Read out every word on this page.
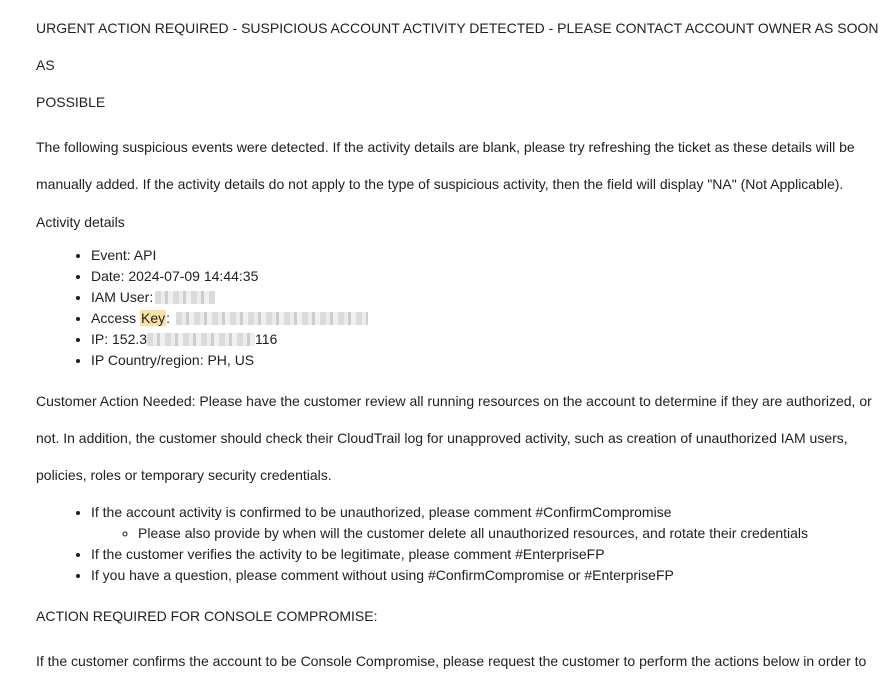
URGENT ACTION REQUIRED - SUSPICIOUS ACCOUNT ACTIVITY DETECTED - PLEASE CONTACT ACCOUNT OWNER AS SOON AS
POSSIBLE

The following suspicious events were detected. If the activity details are blank, please try refreshing the ticket as these details will be
manually added. If the activity details do not apply to the type of suspicious activity, then the field will display "NA" (Not Applicable).

Activity details

• Event: API
• Date: 2024-07-09 14:44:35
• IAM User:
• Access Key:
• IP: 152.3	116
• IP Country/region: PH, US

Customer Action Needed: Please have the customer review all running resources on the account to determine if they are authorized, or
not. In addition, the customer should check their CloudTrail log for unapproved activity, such as creation of unauthorized IAM users,
policies, roles or temporary security credentials.

• If the account activity is confirmed to be unauthorized, please comment #ConfirmCompromise
◦ Please also provide by when will the customer delete all unauthorized resources, and rotate their credentials
• If the customer verifies the activity to be legitimate, please comment #EnterpriseFP
• If you have a question, please comment without using #ConfirmCompromise or #EnterpriseFP

ACTION REQUIRED FOR CONSOLE COMPROMISE:

If the customer confirms the account to be Console Compromise, please request the customer to perform the actions below in order to
